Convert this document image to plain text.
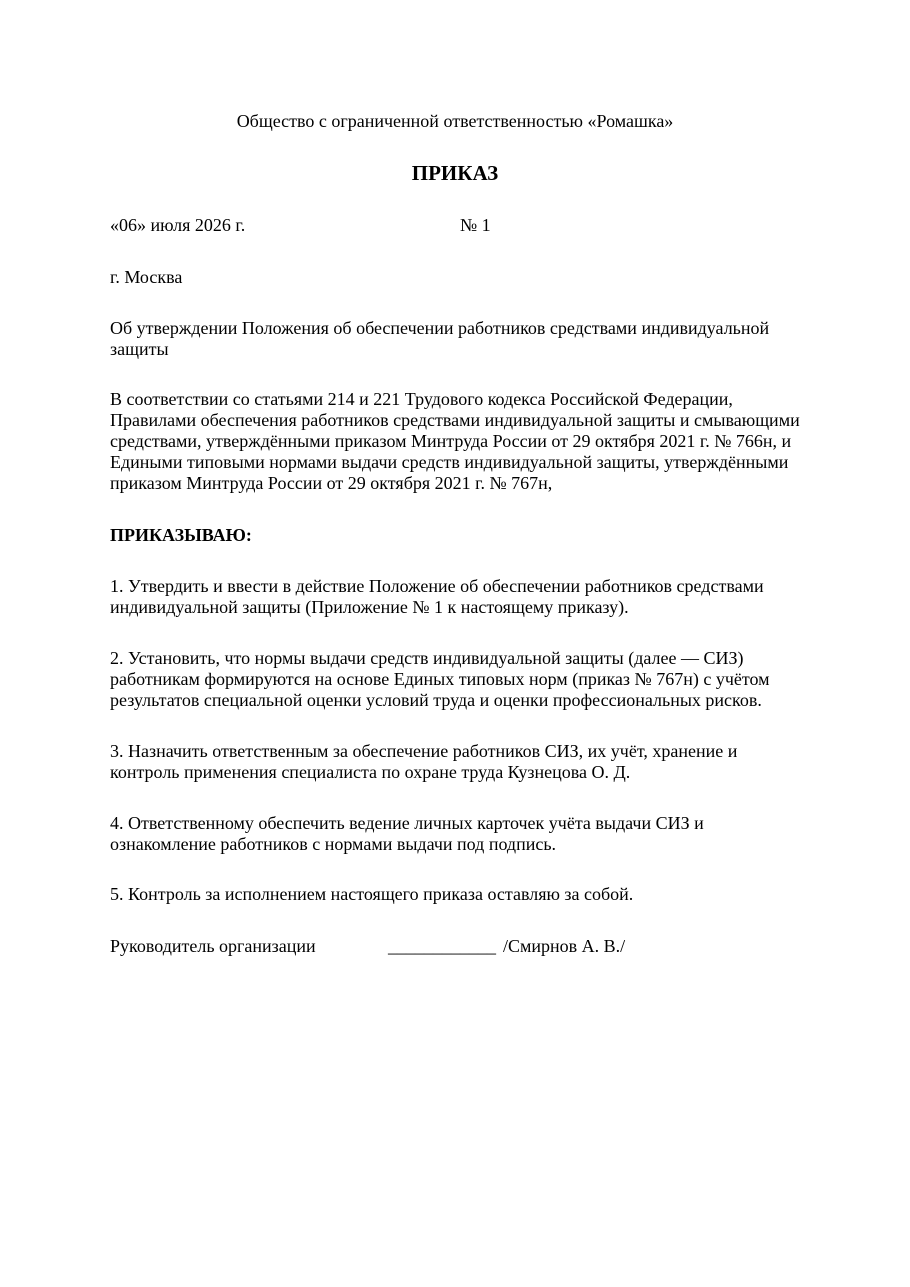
Общество с ограниченной ответственностью «Ромашка»

ПРИКАЗ

«06» июля 2026 г.	№ 1

г. Москва

Об утверждении Положения об обеспечении работников средствами индивидуальной защиты

В соответствии со статьями 214 и 221 Трудового кодекса Российской Федерации, Правилами обеспечения работников средствами индивидуальной защиты и смывающими средствами, утверждёнными приказом Минтруда России от 29 октября 2021 г. № 766н, и Едиными типовыми нормами выдачи средств индивидуальной защиты, утверждёнными приказом Минтруда России от 29 октября 2021 г. № 767н,

ПРИКАЗЫВАЮ:

1. Утвердить и ввести в действие Положение об обеспечении работников средствами индивидуальной защиты (Приложение № 1 к настоящему приказу).

2. Установить, что нормы выдачи средств индивидуальной защиты (далее — СИЗ) работникам формируются на основе Единых типовых норм (приказ № 767н) с учётом результатов специальной оценки условий труда и оценки профессиональных рисков.

3. Назначить ответственным за обеспечение работников СИЗ, их учёт, хранение и контроль применения специалиста по охране труда Кузнецова О. Д.

4. Ответственному обеспечить ведение личных карточек учёта выдачи СИЗ и ознакомление работников с нормами выдачи под подпись.

5. Контроль за исполнением настоящего приказа оставляю за собой.

Руководитель организации	____________ /Смирнов А. В./
